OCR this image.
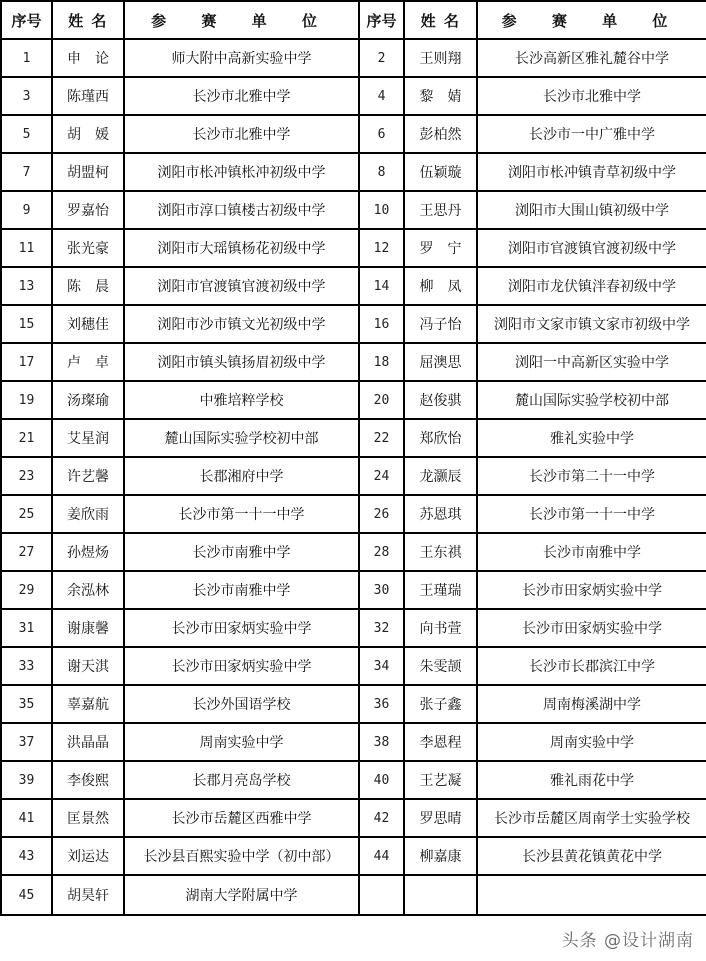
序号	姓 名	参 赛 单 位	序号	姓 名	参 赛 单 位
1	申　论	师大附中高新实验中学	2	王则翔	长沙高新区雅礼麓谷中学
3	陈瑾西	长沙市北雅中学	4	黎　婧	长沙市北雅中学
5	胡　媛	长沙市北雅中学	6	彭柏然	长沙市一中广雅中学
7	胡盟柯	浏阳市枨冲镇枨冲初级中学	8	伍颖璇	浏阳市枨冲镇青草初级中学
9	罗嘉怡	浏阳市淳口镇楼古初级中学	10	王思丹	浏阳市大围山镇初级中学
11	张光豪	浏阳市大瑶镇杨花初级中学	12	罗　宁	浏阳市官渡镇官渡初级中学
13	陈　晨	浏阳市官渡镇官渡初级中学	14	柳　凤	浏阳市龙伏镇泮春初级中学
15	刘穗佳	浏阳市沙市镇文光初级中学	16	冯子怡	浏阳市文家市镇文家市初级中学
17	卢　卓	浏阳市镇头镇扬眉初级中学	18	屈澳思	浏阳一中高新区实验中学
19	汤璨瑜	中雅培粹学校	20	赵俊骐	麓山国际实验学校初中部
21	艾星润	麓山国际实验学校初中部	22	郑欣怡	雅礼实验中学
23	许艺馨	长郡湘府中学	24	龙灏辰	长沙市第二十一中学
25	姜欣雨	长沙市第一十一中学	26	苏恩琪	长沙市第一十一中学
27	孙煜炀	长沙市南雅中学	28	王东祺	长沙市南雅中学
29	余泓林	长沙市南雅中学	30	王瑾瑞	长沙市田家炳实验中学
31	谢康馨	长沙市田家炳实验中学	32	向书萱	长沙市田家炳实验中学
33	谢天淇	长沙市田家炳实验中学	34	朱雯颉	长沙市长郡滨江中学
35	辜嘉航	长沙外国语学校	36	张子鑫	周南梅溪湖中学
37	洪晶晶	周南实验中学	38	李恩程	周南实验中学
39	李俊熙	长郡月亮岛学校	40	王艺凝	雅礼雨花中学
41	匡景然	长沙市岳麓区西雅中学	42	罗思晴	长沙市岳麓区周南学士实验学校
43	刘运达	长沙县百熙实验中学（初中部）	44	柳嘉康	长沙县黄花镇黄花中学
45	胡昊轩	湖南大学附属中学			
头条 @设计湖南
